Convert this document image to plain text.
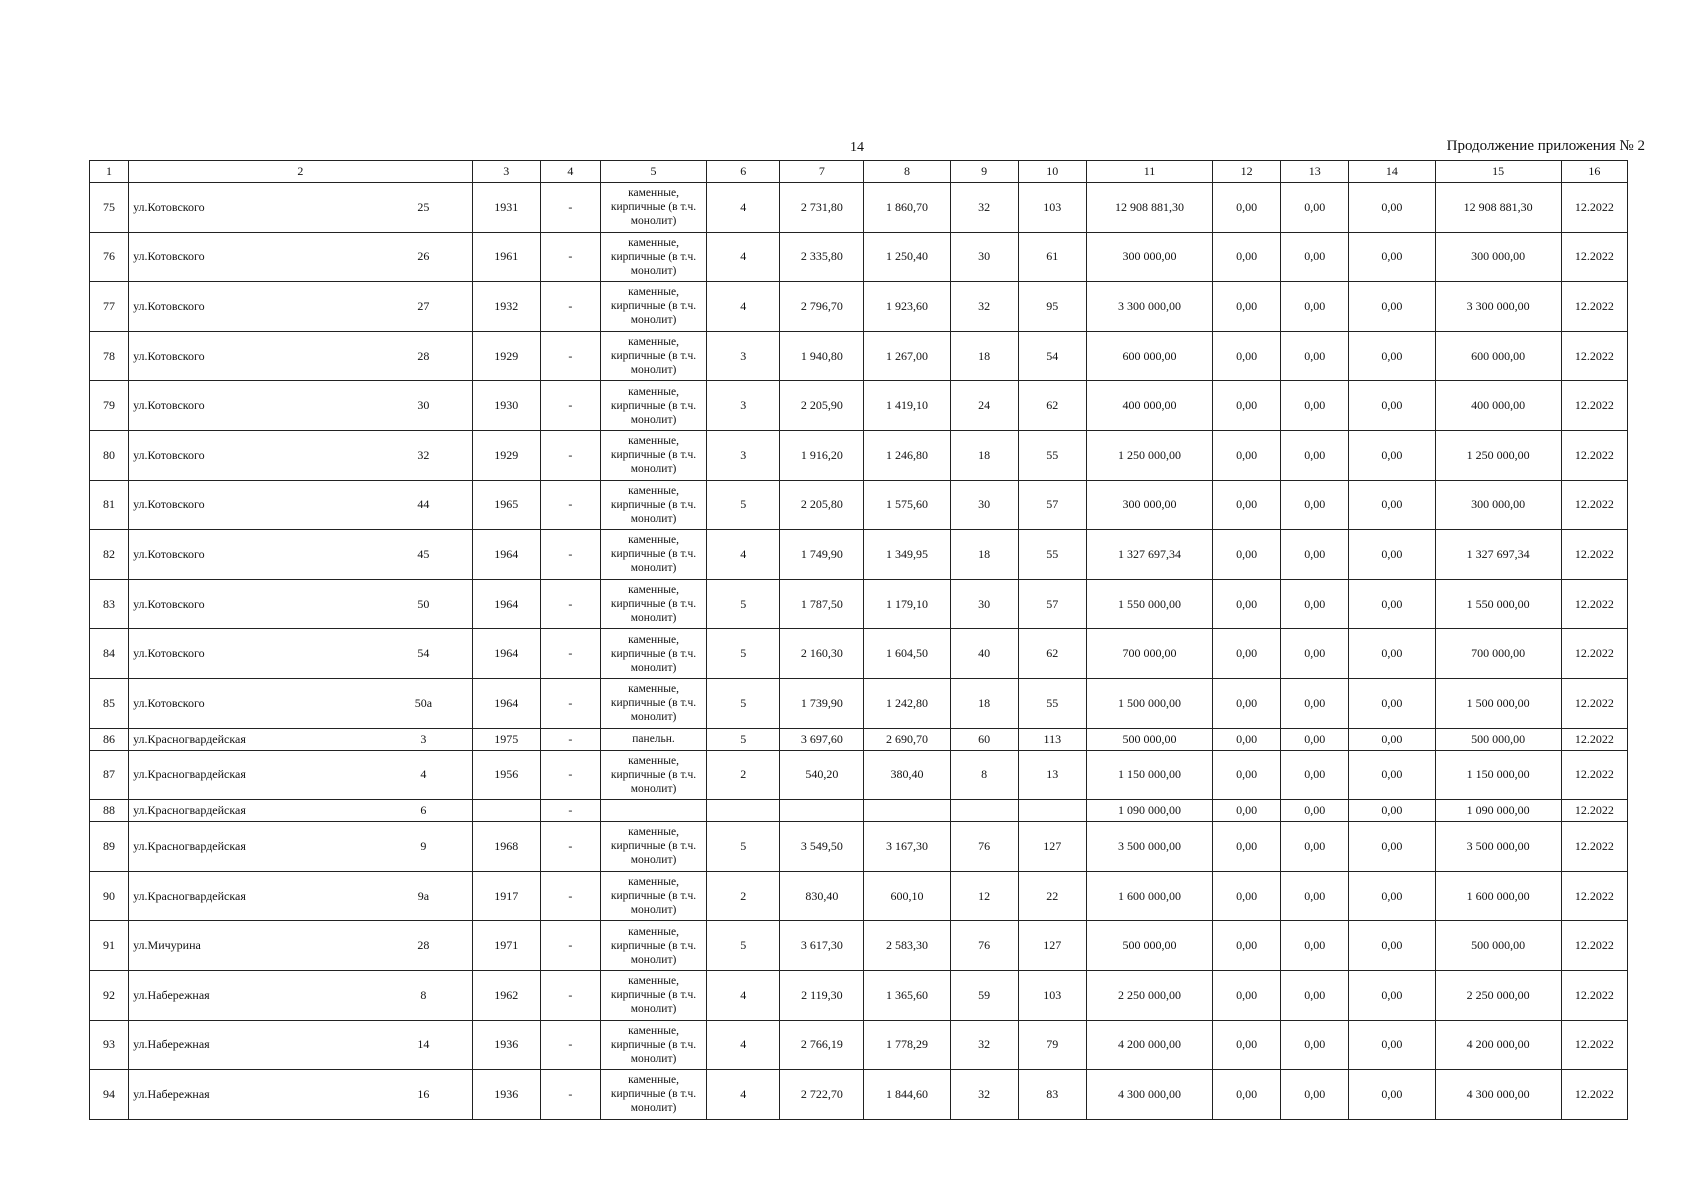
14	Продолжение приложения № 2
1	2		3	4	5	6	7	8	9	10	11	12	13	14	15	16
75	ул.Котовского	25	1931	-	каменные, кирпичные (в т.ч. монолит)	4	2 731,80	1 860,70	32	103	12 908 881,30	0,00	0,00	0,00	12 908 881,30	12.2022
76	ул.Котовского	26	1961	-	каменные, кирпичные (в т.ч. монолит)	4	2 335,80	1 250,40	30	61	300 000,00	0,00	0,00	0,00	300 000,00	12.2022
77	ул.Котовского	27	1932	-	каменные, кирпичные (в т.ч. монолит)	4	2 796,70	1 923,60	32	95	3 300 000,00	0,00	0,00	0,00	3 300 000,00	12.2022
78	ул.Котовского	28	1929	-	каменные, кирпичные (в т.ч. монолит)	3	1 940,80	1 267,00	18	54	600 000,00	0,00	0,00	0,00	600 000,00	12.2022
79	ул.Котовского	30	1930	-	каменные, кирпичные (в т.ч. монолит)	3	2 205,90	1 419,10	24	62	400 000,00	0,00	0,00	0,00	400 000,00	12.2022
80	ул.Котовского	32	1929	-	каменные, кирпичные (в т.ч. монолит)	3	1 916,20	1 246,80	18	55	1 250 000,00	0,00	0,00	0,00	1 250 000,00	12.2022
81	ул.Котовского	44	1965	-	каменные, кирпичные (в т.ч. монолит)	5	2 205,80	1 575,60	30	57	300 000,00	0,00	0,00	0,00	300 000,00	12.2022
82	ул.Котовского	45	1964	-	каменные, кирпичные (в т.ч. монолит)	4	1 749,90	1 349,95	18	55	1 327 697,34	0,00	0,00	0,00	1 327 697,34	12.2022
83	ул.Котовского	50	1964	-	каменные, кирпичные (в т.ч. монолит)	5	1 787,50	1 179,10	30	57	1 550 000,00	0,00	0,00	0,00	1 550 000,00	12.2022
84	ул.Котовского	54	1964	-	каменные, кирпичные (в т.ч. монолит)	5	2 160,30	1 604,50	40	62	700 000,00	0,00	0,00	0,00	700 000,00	12.2022
85	ул.Котовского	50а	1964	-	каменные, кирпичные (в т.ч. монолит)	5	1 739,90	1 242,80	18	55	1 500 000,00	0,00	0,00	0,00	1 500 000,00	12.2022
86	ул.Красногвардейская	3	1975	-	панельн.	5	3 697,60	2 690,70	60	113	500 000,00	0,00	0,00	0,00	500 000,00	12.2022
87	ул.Красногвардейская	4	1956	-	каменные, кирпичные (в т.ч. монолит)	2	540,20	380,40	8	13	1 150 000,00	0,00	0,00	0,00	1 150 000,00	12.2022
88	ул.Красногвардейская	6		-							1 090 000,00	0,00	0,00	0,00	1 090 000,00	12.2022
89	ул.Красногвардейская	9	1968	-	каменные, кирпичные (в т.ч. монолит)	5	3 549,50	3 167,30	76	127	3 500 000,00	0,00	0,00	0,00	3 500 000,00	12.2022
90	ул.Красногвардейская	9а	1917	-	каменные, кирпичные (в т.ч. монолит)	2	830,40	600,10	12	22	1 600 000,00	0,00	0,00	0,00	1 600 000,00	12.2022
91	ул.Мичурина	28	1971	-	каменные, кирпичные (в т.ч. монолит)	5	3 617,30	2 583,30	76	127	500 000,00	0,00	0,00	0,00	500 000,00	12.2022
92	ул.Набережная	8	1962	-	каменные, кирпичные (в т.ч. монолит)	4	2 119,30	1 365,60	59	103	2 250 000,00	0,00	0,00	0,00	2 250 000,00	12.2022
93	ул.Набережная	14	1936	-	каменные, кирпичные (в т.ч. монолит)	4	2 766,19	1 778,29	32	79	4 200 000,00	0,00	0,00	0,00	4 200 000,00	12.2022
94	ул.Набережная	16	1936	-	каменные, кирпичные (в т.ч. монолит)	4	2 722,70	1 844,60	32	83	4 300 000,00	0,00	0,00	0,00	4 300 000,00	12.2022
